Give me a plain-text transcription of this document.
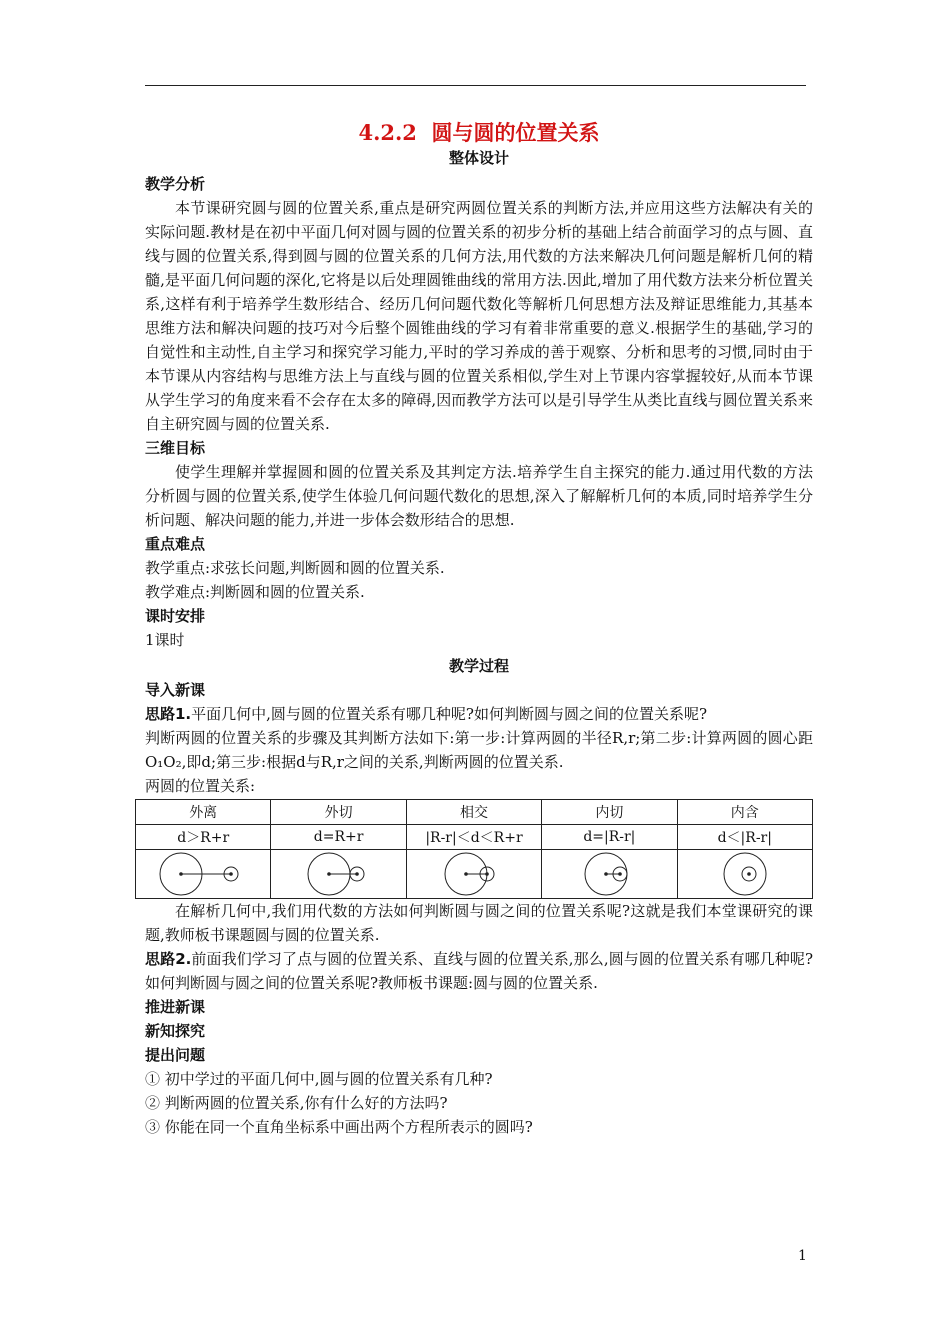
4.2.2  圆与圆的位置关系

整体设计

教学分析

本节课研究圆与圆的位置关系,重点是研究两圆位置关系的判断方法,并应用这些方法解决有关的实际问题.教材是在初中平面几何对圆与圆的位置关系的初步分析的基础上结合前面学习的点与圆、直线与圆的位置关系,得到圆与圆的位置关系的几何方法,用代数的方法来解决几何问题是解析几何的精髓,是平面几何问题的深化,它将是以后处理圆锥曲线的常用方法.因此,增加了用代数方法来分析位置关系,这样有利于培养学生数形结合、经历几何问题代数化等解析几何思想方法及辩证思维能力,其基本思维方法和解决问题的技巧对今后整个圆锥曲线的学习有着非常重要的意义.根据学生的基础,学习的自觉性和主动性,自主学习和探究学习能力,平时的学习养成的善于观察、分析和思考的习惯,同时由于本节课从内容结构与思维方法上与直线与圆的位置关系相似,学生对上节课内容掌握较好,从而本节课从学生学习的角度来看不会存在太多的障碍,因而教学方法可以是引导学生从类比直线与圆位置关系来自主研究圆与圆的位置关系.

三维目标

使学生理解并掌握圆和圆的位置关系及其判定方法.培养学生自主探究的能力.通过用代数的方法分析圆与圆的位置关系,使学生体验几何问题代数化的思想,深入了解解析几何的本质,同时培养学生分析问题、解决问题的能力,并进一步体会数形结合的思想.

重点难点

教学重点:求弦长问题,判断圆和圆的位置关系.

教学难点:判断圆和圆的位置关系.

课时安排

1课时

教学过程

导入新课

思路1.平面几何中,圆与圆的位置关系有哪几种呢?如何判断圆与圆之间的位置关系呢?

判断两圆的位置关系的步骤及其判断方法如下:第一步:计算两圆的半径R,r;第二步:计算两圆的圆心距O₁O₂,即d;第三步:根据d与R,r之间的关系,判断两圆的位置关系.

两圆的位置关系:

外离	外切	相交	内切	内含
d＞R+r	d=R+r	|R-r|＜d＜R+r	d=|R-r|	d＜|R-r|

在解析几何中,我们用代数的方法如何判断圆与圆之间的位置关系呢?这就是我们本堂课研究的课题,教师板书课题圆与圆的位置关系.

思路2.前面我们学习了点与圆的位置关系、直线与圆的位置关系,那么,圆与圆的位置关系有哪几种呢?如何判断圆与圆之间的位置关系呢?教师板书课题:圆与圆的位置关系.

推进新课

新知探究

提出问题

① 初中学过的平面几何中,圆与圆的位置关系有几种?

② 判断两圆的位置关系,你有什么好的方法吗?

③ 你能在同一个直角坐标系中画出两个方程所表示的圆吗?

1
